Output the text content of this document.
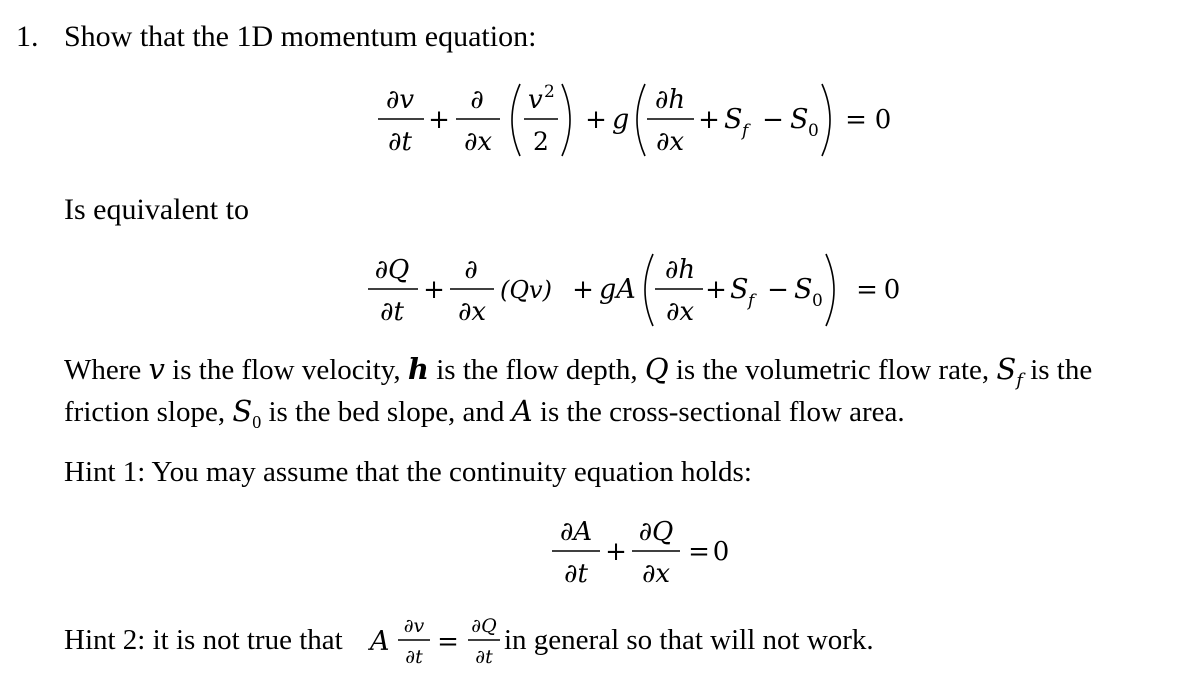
1. Show that the 1D momentum equation:
∂v
∂t
+
∂
∂x
v 2
2
+ g
∂h
∂x
+ S f − S 0 = 0
Is equivalent to
∂Q
∂t
+
∂
∂x
(Qv) + gA
∂h
∂x
+ S f − S 0 = 0
Where v is the flow velocity, h is the flow depth, Q is the volumetric flow rate, $S_f$ is the
friction slope, $S_0$ is the bed slope, and A is the cross-sectional flow area.
Hint 1: You may assume that the continuity equation holds:
∂A
∂t
+
∂Q
∂x
= 0
Hint 2: it is not true that A ∂v
∂t =
∂Q
∂t
in general so that will not work.
